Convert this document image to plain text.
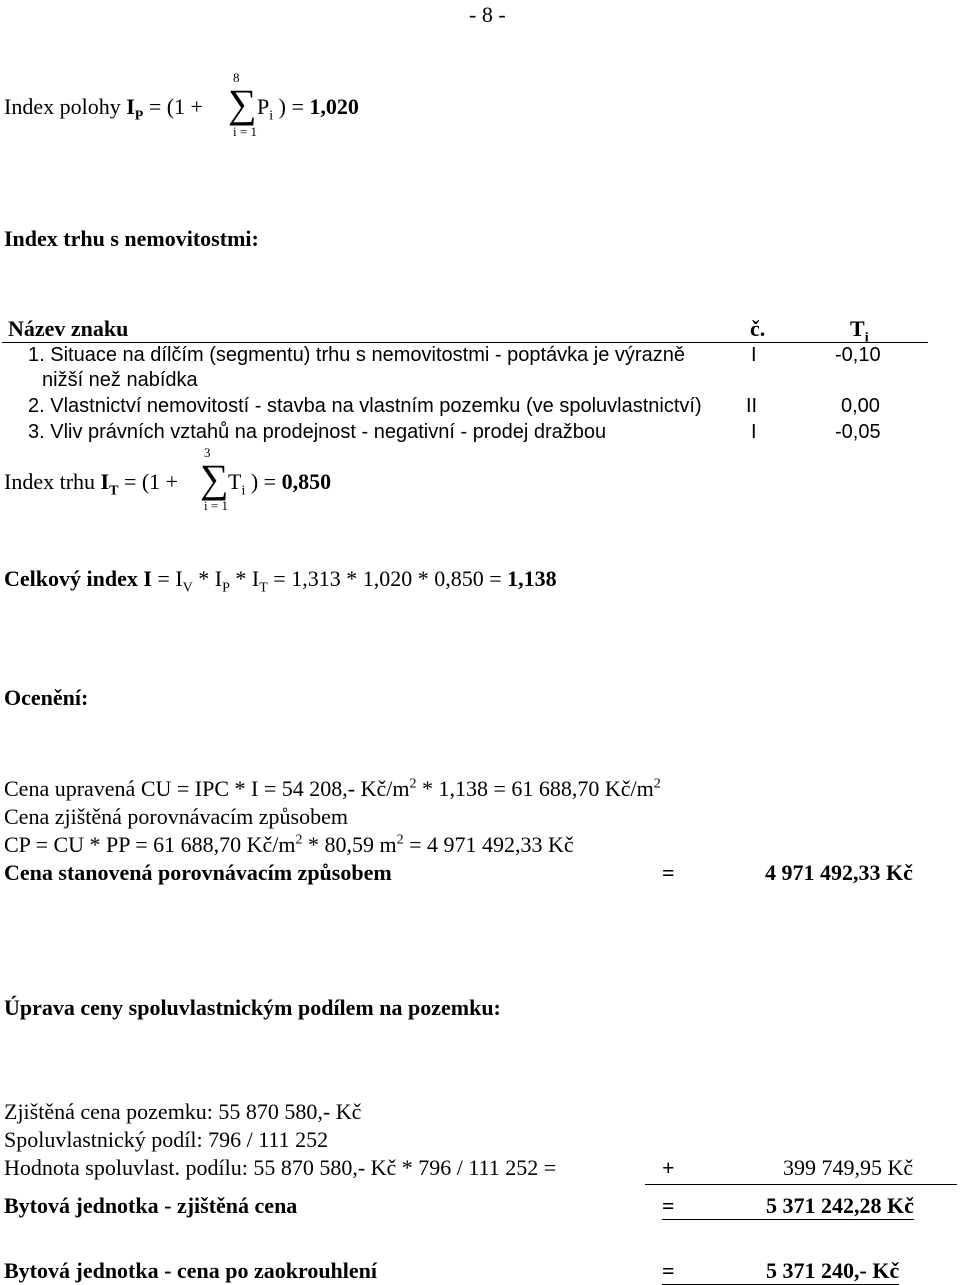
- 8 -
Index polohy $I_P = (1$ +
8
∑
i = 1
$P_i$ ) = 1,020
Index trhu s nemovitostmi:
Název znaku	č.	$T_i$
1. Situace na dílčím (segmentu) trhu s nemovitostmi - poptávka je výrazně
nižší než nabídka
I	-0,10
2. Vlastnictví nemovitostí - stavba na vlastním pozemku (ve spoluvlastnictví) II	0,00
3. Vliv právních vztahů na prodejnost - negativní - prodej dražbou	I	-0,05
Index trhu $I_T = (1$ +
3
∑
i = 1
$T_i$ ) = 0,850
Celkový index $I = I_V * I_P * I_T = 1,313 * 1,020 * 0,850 = 1,138$
Ocenění:
Cena upravená CU = IPC * I = 54 208,- $Kč/m^2 * 1,138 = 61$ 688,70 $Kč/m^2$
Cena zjištěná porovnávacím způsobem
CP = CU * PP = 61 688,70 $Kč/m^2 * 80,59$ $m^2 = 4$ 971 492,33 Kč
Cena stanovená porovnávacím způsobem	=	4 971 492,33 Kč
Úprava ceny spoluvlastnickým podílem na pozemku:
Zjištěná cena pozemku: 55 870 580,- Kč
Spoluvlastnický podíl: 796 / 111 252
Hodnota spoluvlast. podílu: 55 870 580,- Kč * 796 / 111 252 =	+	399 749,95 Kč
Bytová jednotka - zjištěná cena	=	5 371 242,28 Kč
Bytová jednotka - cena po zaokrouhlení	=	5 371 240,- Kč
